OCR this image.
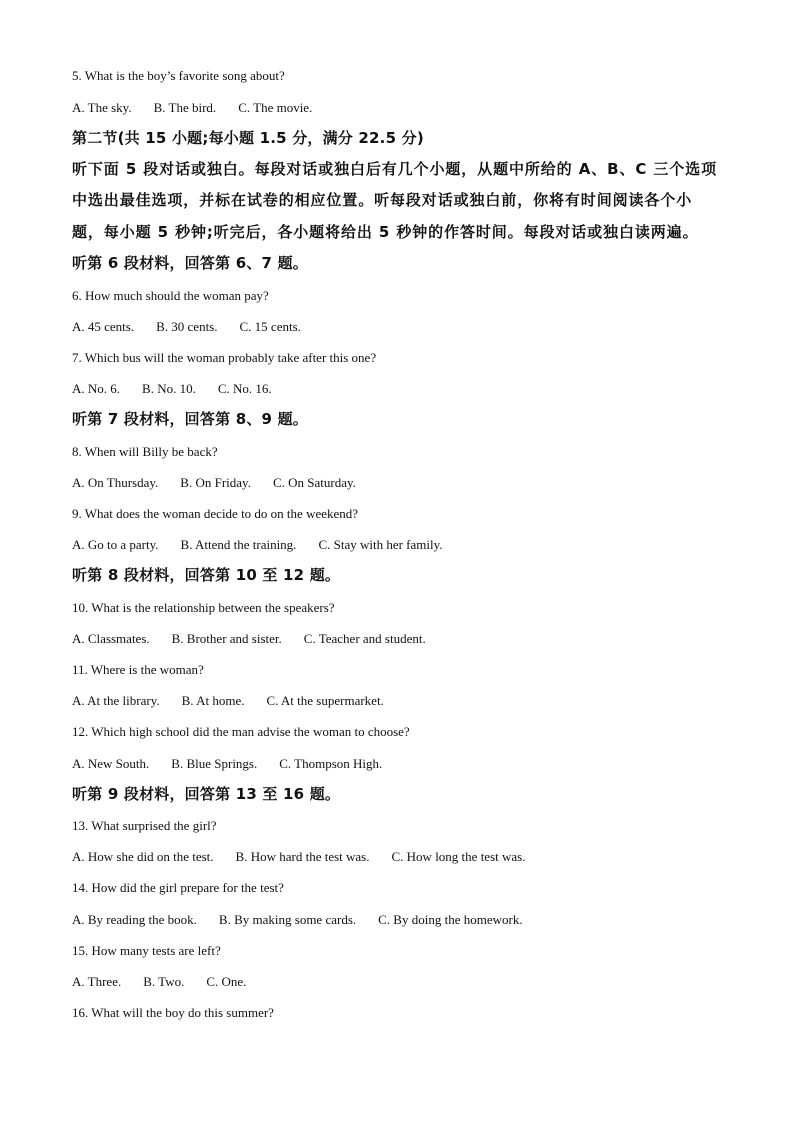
5. What is the boy’s favorite song about?
A. The sky. B. The bird. C. The movie.
第二节(共 15 小题;每小题 1.5 分，满分 22.5 分)
听下面 5 段对话或独白。每段对话或独白后有几个小题，从题中所给的 A、B、C 三个选项
中选出最佳选项，并标在试卷的相应位置。听每段对话或独白前，你将有时间阅读各个小
题，每小题 5 秒钟;听完后，各小题将给出 5 秒钟的作答时间。每段对话或独白读两遍。
听第 6 段材料，回答第 6、7 题。
6. How much should the woman pay?
A. 45 cents. B. 30 cents. C. 15 cents.
7. Which bus will the woman probably take after this one?
A. No. 6. B. No. 10. C. No. 16.
听第 7 段材料，回答第 8、9 题。
8. When will Billy be back?
A. On Thursday. B. On Friday. C. On Saturday.
9. What does the woman decide to do on the weekend?
A. Go to a party. B. Attend the training. C. Stay with her family.
听第 8 段材料，回答第 10 至 12 题。
10. What is the relationship between the speakers?
A. Classmates. B. Brother and sister. C. Teacher and student.
11. Where is the woman?
A. At the library. B. At home. C. At the supermarket.
12. Which high school did the man advise the woman to choose?
A. New South. B. Blue Springs. C. Thompson High.
听第 9 段材料，回答第 13 至 16 题。
13. What surprised the girl?
A. How she did on the test. B. How hard the test was. C. How long the test was.
14. How did the girl prepare for the test?
A. By reading the book. B. By making some cards. C. By doing the homework.
15. How many tests are left?
A. Three. B. Two. C. One.
16. What will the boy do this summer?
